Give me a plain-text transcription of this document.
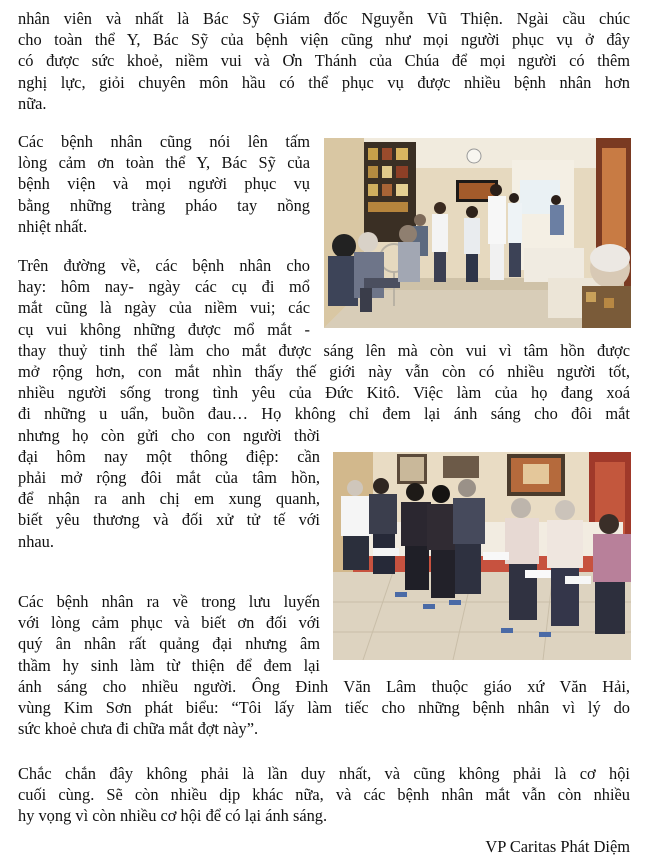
nhân viên và nhất là Bác Sỹ Giám đốc Nguyễn Vũ Thiện. Ngài cầu chúc
cho toàn thể Y, Bác Sỹ của bệnh viện cũng như mọi người phục vụ ở đây
có được sức khoẻ, niềm vui và Ơn Thánh của Chúa để mọi người có thêm
nghị lực, giỏi chuyên môn hầu có thể phục vụ được nhiều bệnh nhân hơn
nữa.
Các bệnh nhân cũng nói lên tấm
lòng cảm ơn toàn thể Y, Bác Sỹ của
bệnh viện và mọi người phục vụ
bằng những tràng pháo tay nồng
nhiệt nhất.
Trên đường về, các bệnh nhân cho
hay: hôm nay- ngày các cụ đi mổ
mắt cũng là ngày của niềm vui; các
cụ vui không những được mổ mắt -
thay thuỷ tinh thể làm cho mắt được sáng lên mà còn vui vì tâm hồn được
mở rộng hơn, con mắt nhìn thấy thế giới này vẫn còn có nhiều người tốt,
nhiều người sống trong tình yêu của Đức Kitô. Việc làm của họ đang xoá
đi những u uẩn, buồn đau… Họ không chỉ đem lại ánh sáng cho đôi mắt
nhưng họ còn gửi cho con người thời
đại hôm nay một thông điệp: cần
phải mở rộng đôi mắt của tâm hồn,
để nhận ra anh chị em xung quanh,
biết yêu thương và đối xử tử tế với
nhau.
Các bệnh nhân ra về trong lưu luyến
với lòng cảm phục và biết ơn đối với
quý ân nhân rất quảng đại nhưng âm
thầm hy sinh làm từ thiện để đem lại
ánh sáng cho nhiều người. Ông Đinh Văn Lâm thuộc giáo xứ Văn Hải,
vùng Kim Sơn phát biểu: “Tôi lấy làm tiếc cho những bệnh nhân vì lý do
sức khoẻ chưa đi chữa mắt đợt này”.
Chắc chắn đây không phải là lần duy nhất, và cũng không phải là cơ hội
cuối cùng. Sẽ còn nhiều dịp khác nữa, và các bệnh nhân mắt vẫn còn nhiều
hy vọng vì còn nhiều cơ hội để có lại ánh sáng.
VP Caritas Phát Diệm
